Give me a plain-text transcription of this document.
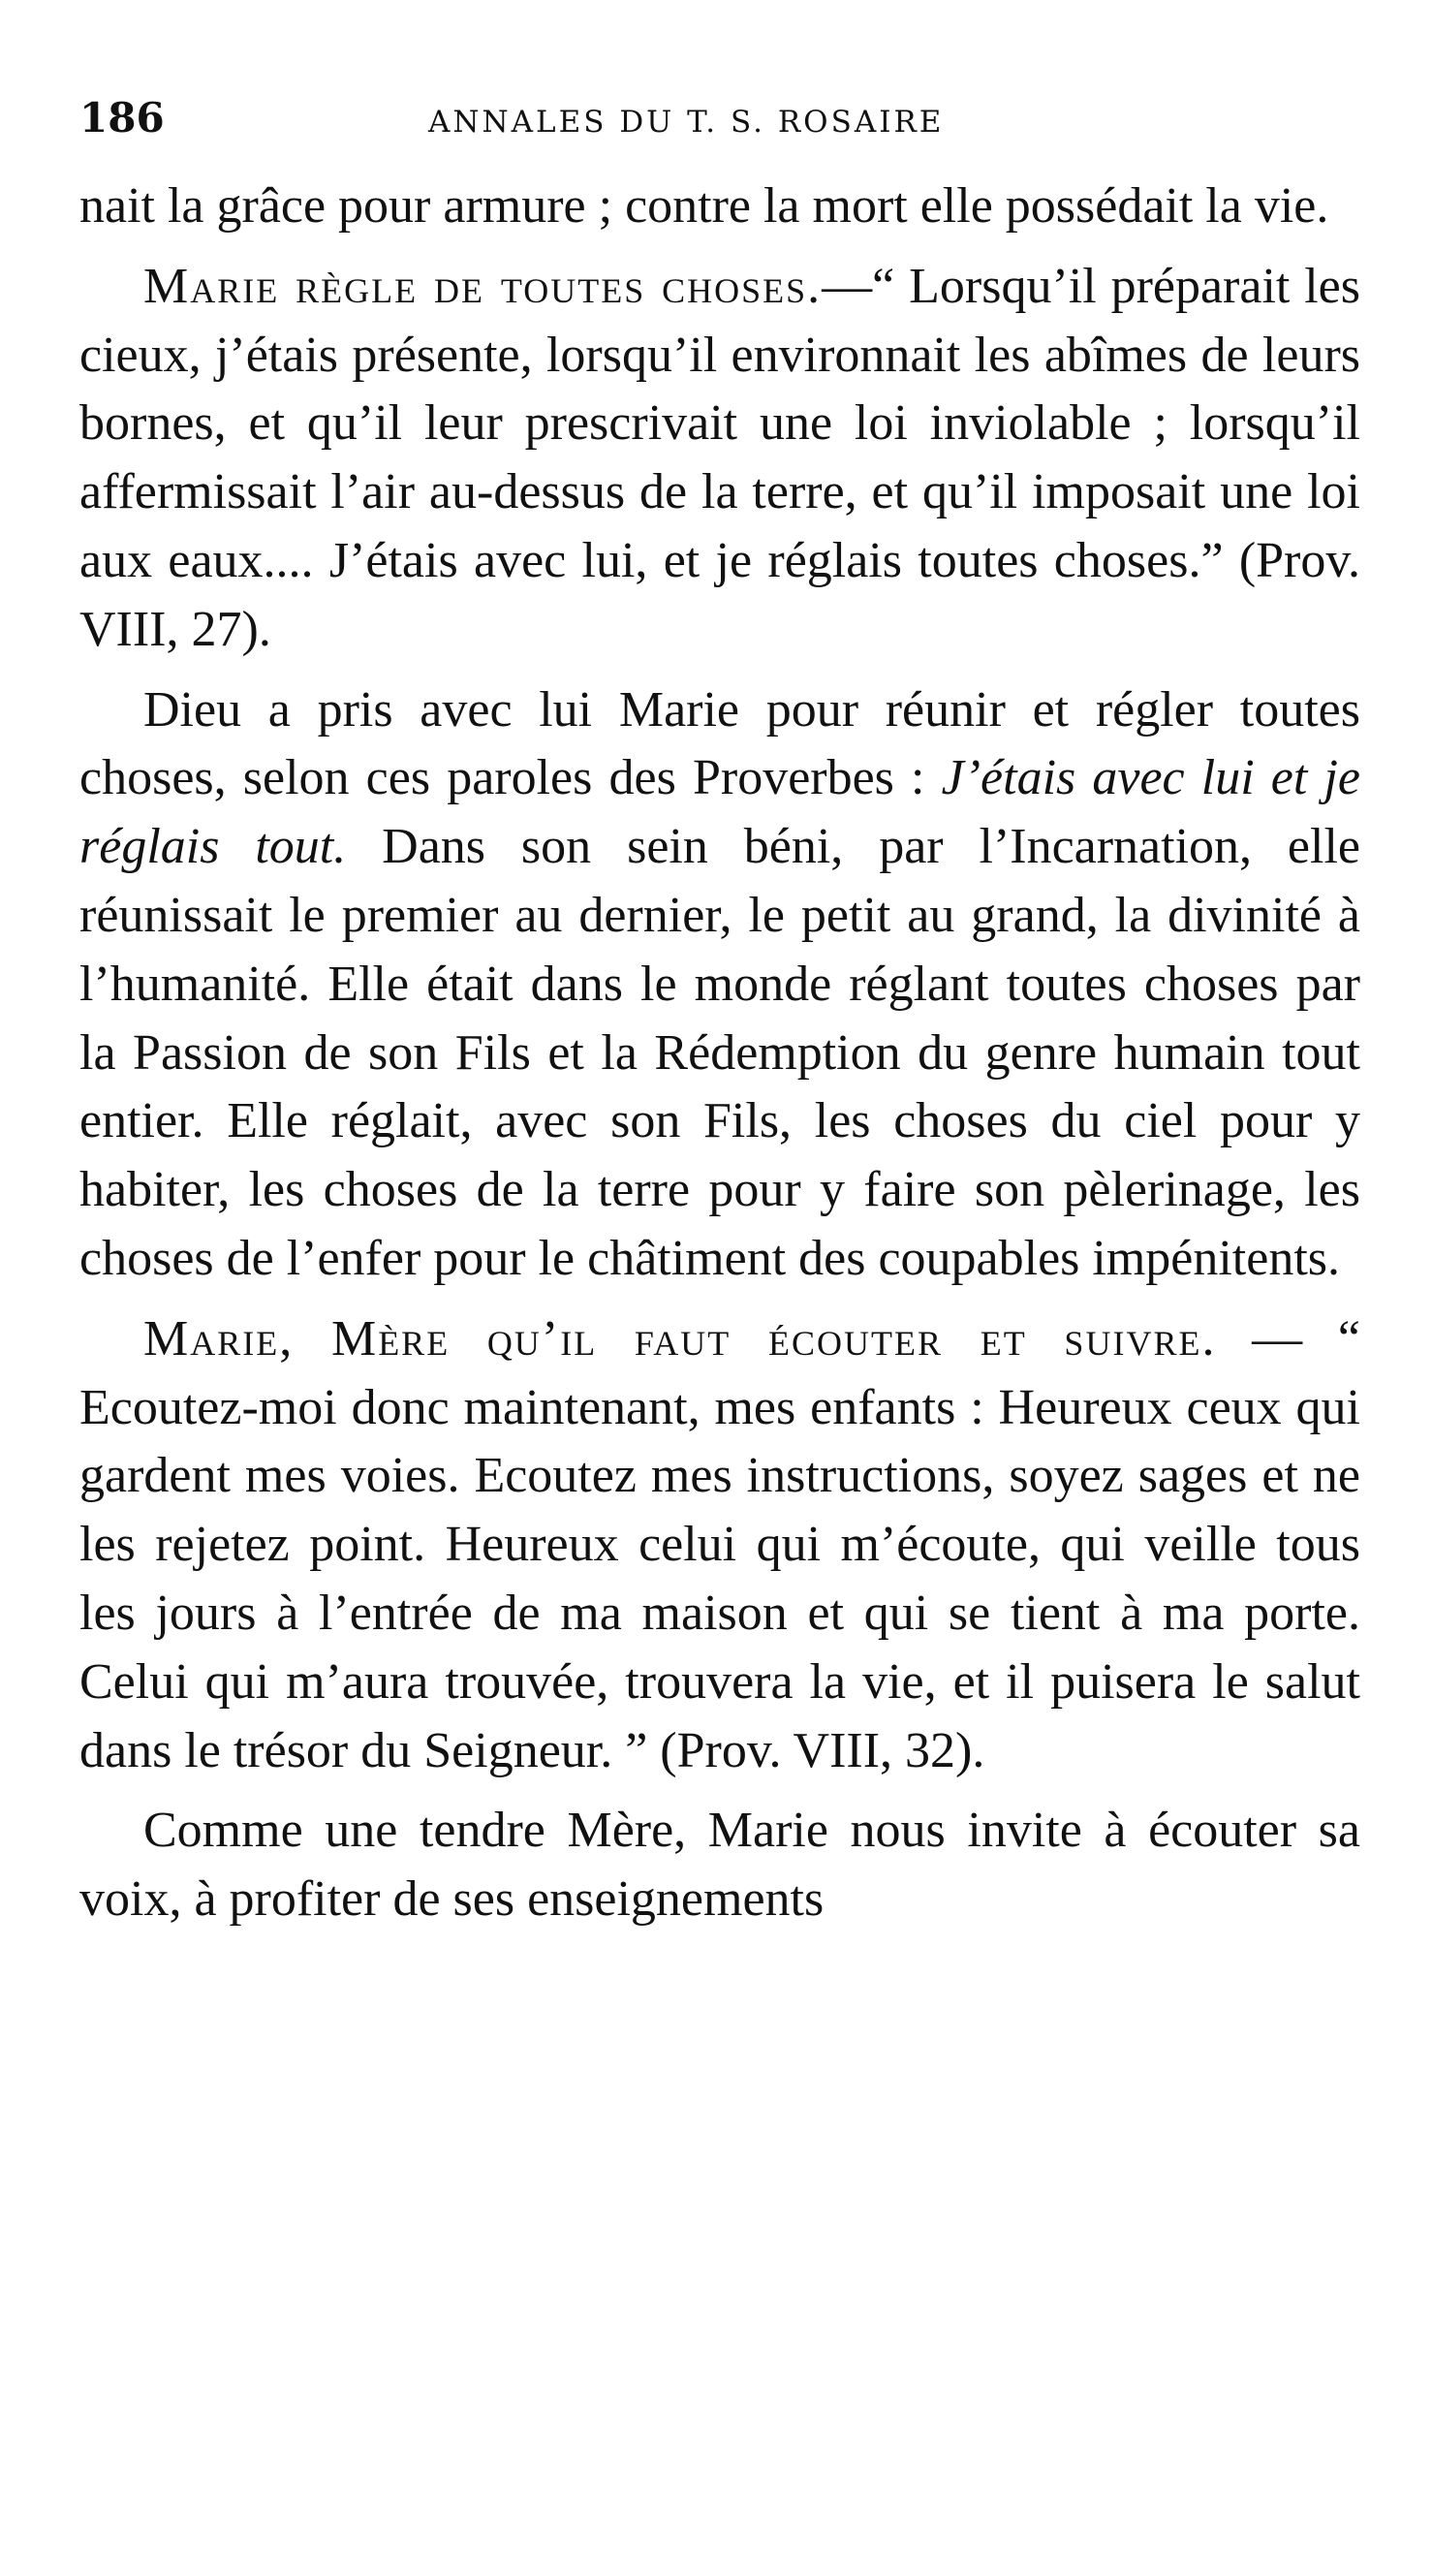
186	ANNALES DU T. S. ROSAIRE

nait la grâce pour armure ; contre la mort elle possédait la vie.

Marie règle de toutes choses.—“ Lorsqu’il préparait les cieux, j’étais présente, lorsqu’il environnait les abîmes de leurs bornes, et qu’il leur prescrivait une loi inviolable ; lorsqu’il affermissait l’air au-dessus de la terre, et qu’il imposait une loi aux eaux.... J’étais avec lui, et je réglais toutes choses.” (Prov. VIII, 27).

Dieu a pris avec lui Marie pour réunir et régler toutes choses, selon ces paroles des Proverbes : J’étais avec lui et je réglais tout. Dans son sein béni, par l’Incarnation, elle réunissait le premier au dernier, le petit au grand, la divinité à l’humanité. Elle était dans le monde réglant toutes choses par la Passion de son Fils et la Rédemption du genre humain tout entier. Elle réglait, avec son Fils, les choses du ciel pour y habiter, les choses de la terre pour y faire son pèlerinage, les choses de l’enfer pour le châtiment des coupables impénitents.

Marie, Mère qu’il faut écouter et suivre. — “ Ecoutez-moi donc maintenant, mes enfants : Heureux ceux qui gardent mes voies. Ecoutez mes instructions, soyez sages et ne les rejetez point. Heureux celui qui m’écoute, qui veille tous les jours à l’entrée de ma maison et qui se tient à ma porte. Celui qui m’aura trouvée, trouvera la vie, et il puisera le salut dans le trésor du Seigneur. ” (Prov. VIII, 32).

Comme une tendre Mère, Marie nous invite à écouter sa voix, à profiter de ses enseignements
